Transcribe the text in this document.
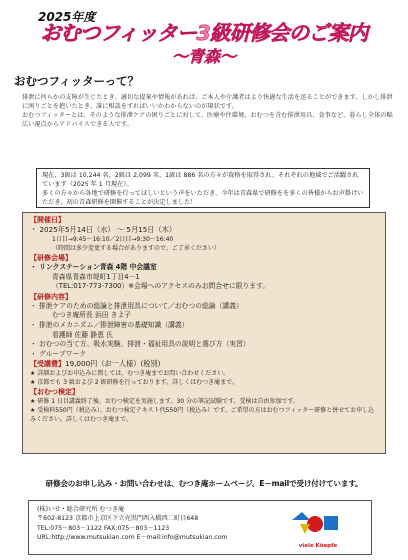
2025年度
おむつフィッター3級研修会のご案内
〜青森〜
おむつフィッターって？

排泄に何らかの支障が生じたとき、適切な提案や情報があれば、ご本人や介護者はより快適な生活を送ることができます。しかし排泄に困りごとを抱いたとき、誰に相談をすればいいかわからないのが現状です。

おむつフィッターとは、そのような排泄ケアの困りごとに対して、医療や住環境、おむつを含む排泄用具、食事など、暮らし全体の幅広い視点からアドバイスできる人です。

現在、3級は 10,244 名、2級は 2,099 名、1級は 886 名の方々が資格を取得され、それぞれの地域でご活躍されています（2025 年 1 月現在）。

多くの方々から各地で研修を行ってほしいという声をいただき、今年は青森県で研修をを多くの皆様からお声掛けいただき、初の青森研修を開催することが決定しました！

【開催日】
・ 2025年5月14日（水） 〜 5月15日（木）
1日目→9:45〜16:10／2日目→9:30〜16:40
（時間は多少変更する場合がありますので、ご了承ください）
【研修会場】
・ リンクステーション青森 4階 中会議室
青森県青森市堤町1丁目4－1
（TEL:017-773-7300）※会場へのアクセスのみお問合せに限ります。
【研修内容】
・ 排泄ケアのための総論と排泄用具について／おむつの総論（講義）
むつき庵所長 浜田 きよ子
・ 排泄のメカニズム／排泄障害の基礎知識（講義）
看護師 佐藤 静恵 氏
・ おむつの当て方、吸水実験、排泄・福祉用具の説明と選び方（実習）
・ グループワーク
【受講費】 19,000円（お一人様）(税別)
★ 詳細およびお申込みに関しては、むつき庵までお問い合わせください。
★ 京都でも 3 級および 2 級研修を行っております。詳しくはむつき庵まで。
【おむつ検定】
★ 研修 1 日目講義終了後、おむつ検定を実施します。30 分の筆記試験です。受検は自由参加です。
★ 受検料550円（税込み）、おむつ検定テキスト代550円（税込み）です。ご希望の方はおむつフィッター研修と併せてお申し込みください。詳しくはむつき庵まで。
研修会のお申し込み・お問い合わせは、むつき庵ホームページ、E－mailで受け付けています。

(株)いせ・総合研究所 むつき庵

〒602-8123 京都市上京区下立売黒門西入橋西二町目648

TEL:075－803－1122 FAX:075－803－1123

URL:http://www.mutsukian.com E－mail:info@mutsukian.com

viele Köepfe
